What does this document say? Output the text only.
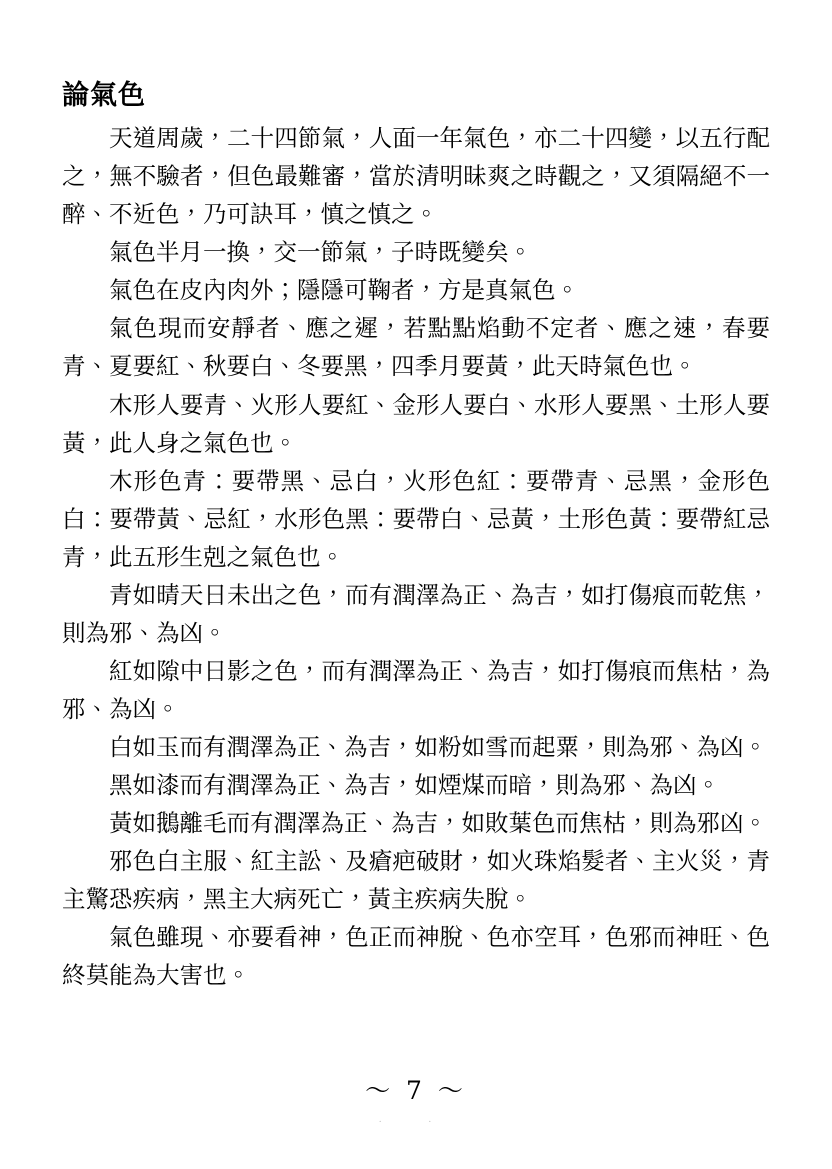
論氣色

天道周歲，二十四節氣，人面一年氣色，亦二十四變，以五行配之，無不驗者，但色最難審，當於清明昧爽之時觀之，又須隔絕不一醉、不近色，乃可訣耳，慎之慎之。

氣色半月一換，交一節氣，子時既變矣。

氣色在皮內肉外；隱隱可鞠者，方是真氣色。

氣色現而安靜者、應之遲，若點點焰動不定者、應之速，春要青、夏要紅、秋要白、冬要黑，四季月要黃，此天時氣色也。

木形人要青、火形人要紅、金形人要白、水形人要黑、土形人要黃，此人身之氣色也。

木形色青：要帶黑、忌白，火形色紅：要帶青、忌黑，金形色白：要帶黃、忌紅，水形色黑：要帶白、忌黃，土形色黃：要帶紅忌青，此五形生剋之氣色也。

青如晴天日未出之色，而有潤澤為正、為吉，如打傷痕而乾焦，則為邪、為凶。

紅如隙中日影之色，而有潤澤為正、為吉，如打傷痕而焦枯，為邪、為凶。

白如玉而有潤澤為正、為吉，如粉如雪而起粟，則為邪、為凶。

黑如漆而有潤澤為正、為吉，如煙煤而暗，則為邪、為凶。

黃如鵝離毛而有潤澤為正、為吉，如敗葉色而焦枯，則為邪凶。

邪色白主服、紅主訟、及瘡疤破財，如火珠焰髮者、主火災，青主驚恐疾病，黑主大病死亡，黃主疾病失脫。

氣色雖現、亦要看神，色正而神脫、色亦空耳，色邪而神旺、色終莫能為大害也。

～ 7 ～
. .
